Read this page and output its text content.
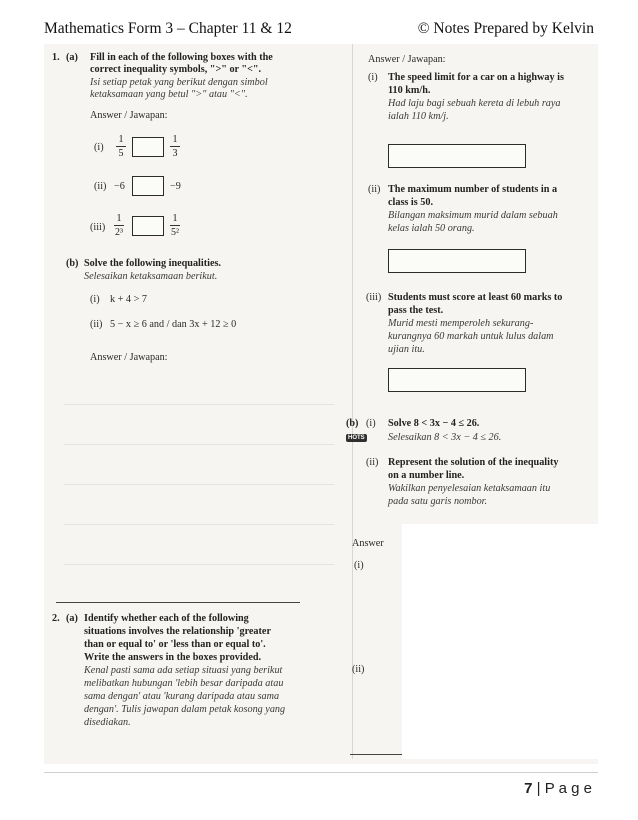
Mathematics Form 3 – Chapter 11 & 12	© Notes Prepared by Kelvin
1. (a) Fill in each of the following boxes with the
correct inequality symbols, ">" or "<".
Isi setiap petak yang berikut dengan simbol
ketaksamaan yang betul ">" atau "<".
Answer / Jawapan:
(i)
1
5
1
3
(ii) −6	−9
(iii)
1
2³
1
5²
(b) Solve the following inequalities.
Selesaikan ketaksamaan berikut.
(i) k + 4 > 7
(ii) 5 − x ≥ 6 and / dan 3x + 12 ≥ 0
Answer / Jawapan:
2. (a) Identify whether each of the following
situations involves the relationship 'greater
than or equal to' or 'less than or equal to'.
Write the answers in the boxes provided.
Kenal pasti sama ada setiap situasi yang berikut
melibatkan hubungan 'lebih besar daripada atau
sama dengan' atau 'kurang daripada atau sama
dengan'. Tulis jawapan dalam petak kosong yang
disediakan.
Answer / Jawapan:
(i) The speed limit for a car on a highway is
110 km/h.
Had laju bagi sebuah kereta di lebuh raya
ialah 110 km/j.
(ii) The maximum number of students in a
class is 50.
Bilangan maksimum murid dalam sebuah
kelas ialah 50 orang.
(iii) Students must score at least 60 marks to
pass the test.
Murid mesti memperoleh sekurang-
kurangnya 60 markah untuk lulus dalam
ujian itu.
(b) (i) Solve 8 < 3x − 4 ≤ 26.
HOTS Selesaikan 8 < 3x − 4 ≤ 26.
(ii) Represent the solution of the inequality
on a number line.
Wakilkan penyelesaian ketaksamaan itu
pada satu garis nombor.
Answer
(i)
(ii)
7 | P a g e
